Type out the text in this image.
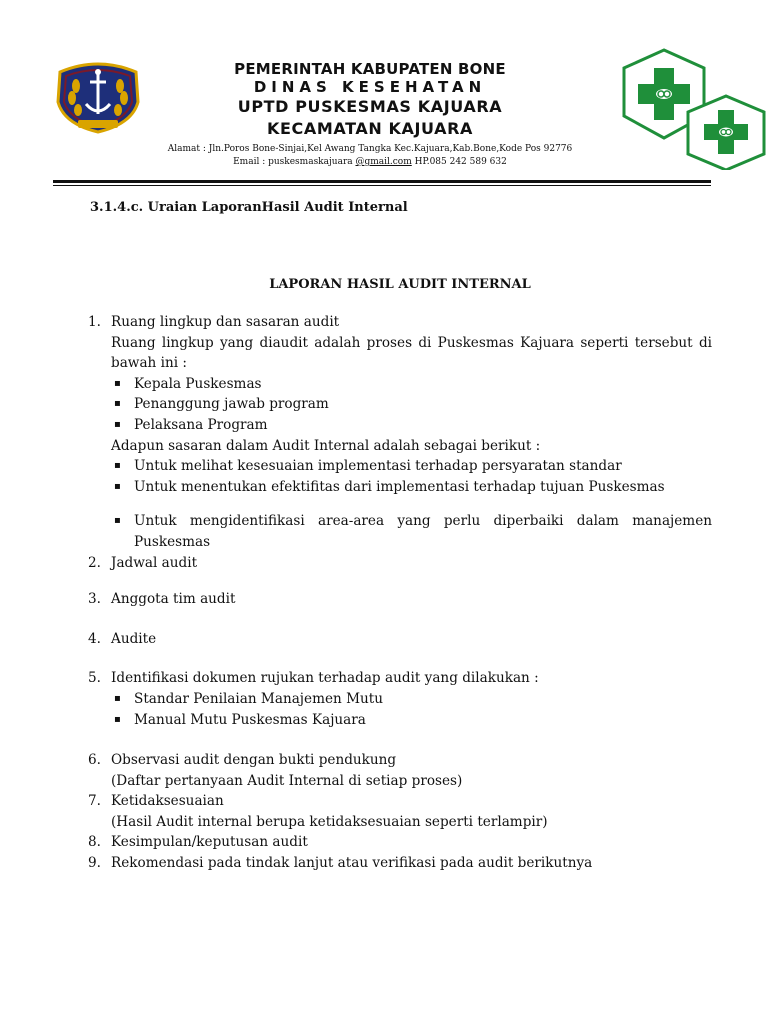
PEMERINTAH KABUPATEN BONE
DINAS KESEHATAN
UPTD PUSKESMAS KAJUARA
KECAMATAN KAJUARA
Alamat : Jln.Poros Bone-Sinjai,Kel Awang Tangka Kec.Kajuara,Kab.Bone,Kode Pos 92776
Email : puskesmaskajuara @gmail.com HP.085 242 589 632
3.1.4.c. Uraian LaporanHasil Audit Internal
LAPORAN HASIL AUDIT INTERNAL
1. Ruang lingkup dan sasaran audit
Ruang lingkup yang diaudit adalah proses di Puskesmas Kajuara seperti tersebut di bawah ini :
▪ Kepala Puskesmas
▪ Penanggung jawab program
▪ Pelaksana Program
Adapun sasaran dalam Audit Internal adalah sebagai berikut :
▪ Untuk melihat kesesuaian implementasi terhadap persyaratan standar
▪ Untuk menentukan efektifitas dari implementasi terhadap tujuan Puskesmas
▪ Untuk mengidentifikasi area-area yang perlu diperbaiki dalam manajemen Puskesmas
2. Jadwal audit
3. Anggota tim audit
4. Audite
5. Identifikasi dokumen rujukan terhadap audit yang dilakukan :
▪ Standar Penilaian Manajemen Mutu
▪ Manual Mutu Puskesmas Kajuara
6. Observasi audit dengan bukti pendukung
(Daftar pertanyaan Audit Internal di setiap proses)
7. Ketidaksesuaian
(Hasil Audit internal berupa ketidaksesuaian seperti terlampir)
8. Kesimpulan/keputusan audit
9. Rekomendasi pada tindak lanjut atau verifikasi pada audit berikutnya
